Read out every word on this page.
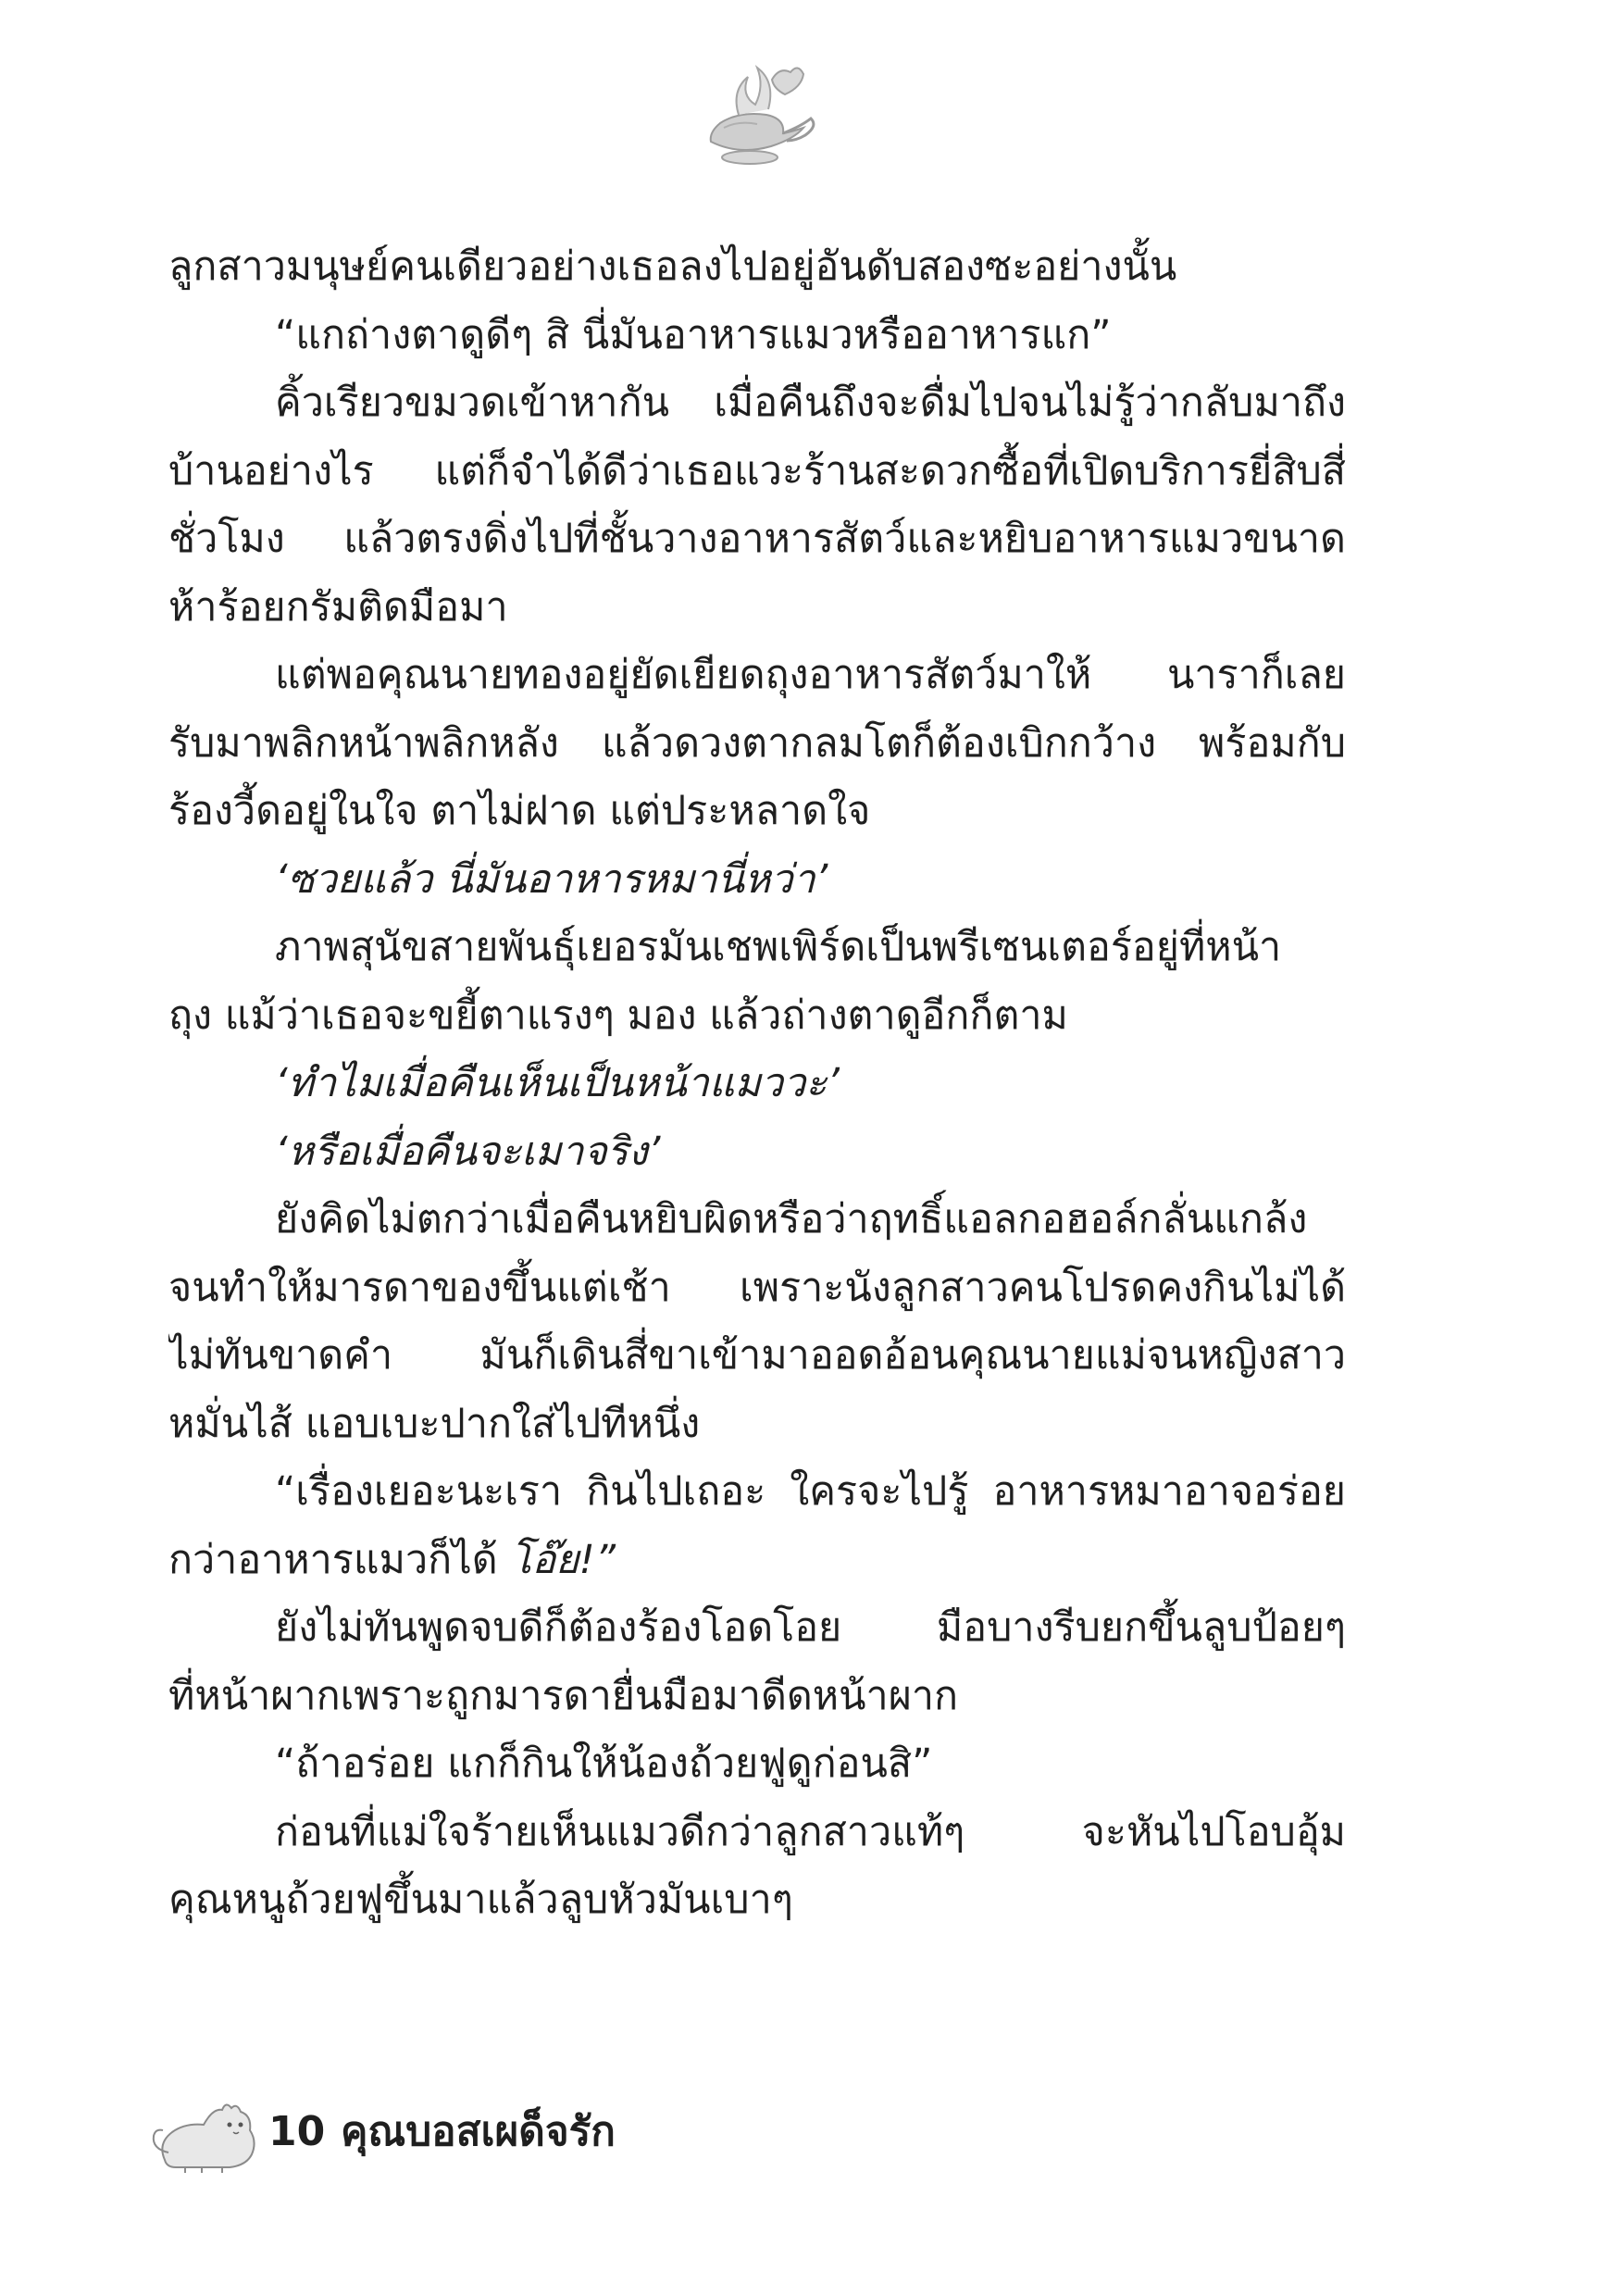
ลูกสาวมนุษย์คนเดียวอย่างเธอลงไปอยู่อันดับสองซะอย่างนั้น
“แกถ่างตาดูดีๆ สิ นี่มันอาหารแมวหรืออาหารแก”
คิ้วเรียวขมวดเข้าหากัน เมื่อคืนถึงจะดื่มไปจนไม่รู้ว่ากลับมาถึง
บ้านอย่างไร แต่ก็จำได้ดีว่าเธอแวะร้านสะดวกซื้อที่เปิดบริการยี่สิบสี่
ชั่วโมง แล้วตรงดิ่งไปที่ชั้นวางอาหารสัตว์และหยิบอาหารแมวขนาด
ห้าร้อยกรัมติดมือมา
แต่พอคุณนายทองอยู่ยัดเยียดถุงอาหารสัตว์มาให้ นาราก็เลย
รับมาพลิกหน้าพลิกหลัง แล้วดวงตากลมโตก็ต้องเบิกกว้าง พร้อมกับ
ร้องวี้ดอยู่ในใจ ตาไม่ฝาด แต่ประหลาดใจ
‘ซวยแล้ว นี่มันอาหารหมานี่หว่า’
ภาพสุนัขสายพันธุ์เยอรมันเชพเพิร์ดเป็นพรีเซนเตอร์อยู่ที่หน้า
ถุง แม้ว่าเธอจะขยี้ตาแรงๆ มอง แล้วถ่างตาดูอีกก็ตาม
‘ทำไมเมื่อคืนเห็นเป็นหน้าแมววะ’
‘หรือเมื่อคืนจะเมาจริง’
ยังคิดไม่ตกว่าเมื่อคืนหยิบผิดหรือว่าฤทธิ์แอลกอฮอล์กลั่นแกล้ง
จนทำให้มารดาของขึ้นแต่เช้า เพราะนังลูกสาวคนโปรดคงกินไม่ได้
ไม่ทันขาดคำ มันก็เดินสี่ขาเข้ามาออดอ้อนคุณนายแม่จนหญิงสาว
หมั่นไส้ แอบเบะปากใส่ไปทีหนึ่ง
“เรื่องเยอะนะเรา กินไปเถอะ ใครจะไปรู้ อาหารหมาอาจอร่อย
กว่าอาหารแมวก็ได้ โอ๊ย!”
ยังไม่ทันพูดจบดีก็ต้องร้องโอดโอย มือบางรีบยกขึ้นลูบป้อยๆ
ที่หน้าผากเพราะถูกมารดายื่นมือมาดีดหน้าผาก
“ถ้าอร่อย แกก็กินให้น้องถ้วยฟูดูก่อนสิ”
ก่อนที่แม่ใจร้ายเห็นแมวดีกว่าลูกสาวแท้ๆ จะหันไปโอบอุ้ม
คุณหนูถ้วยฟูขึ้นมาแล้วลูบหัวมันเบาๆ
10 คุณบอสเผด็จรัก
